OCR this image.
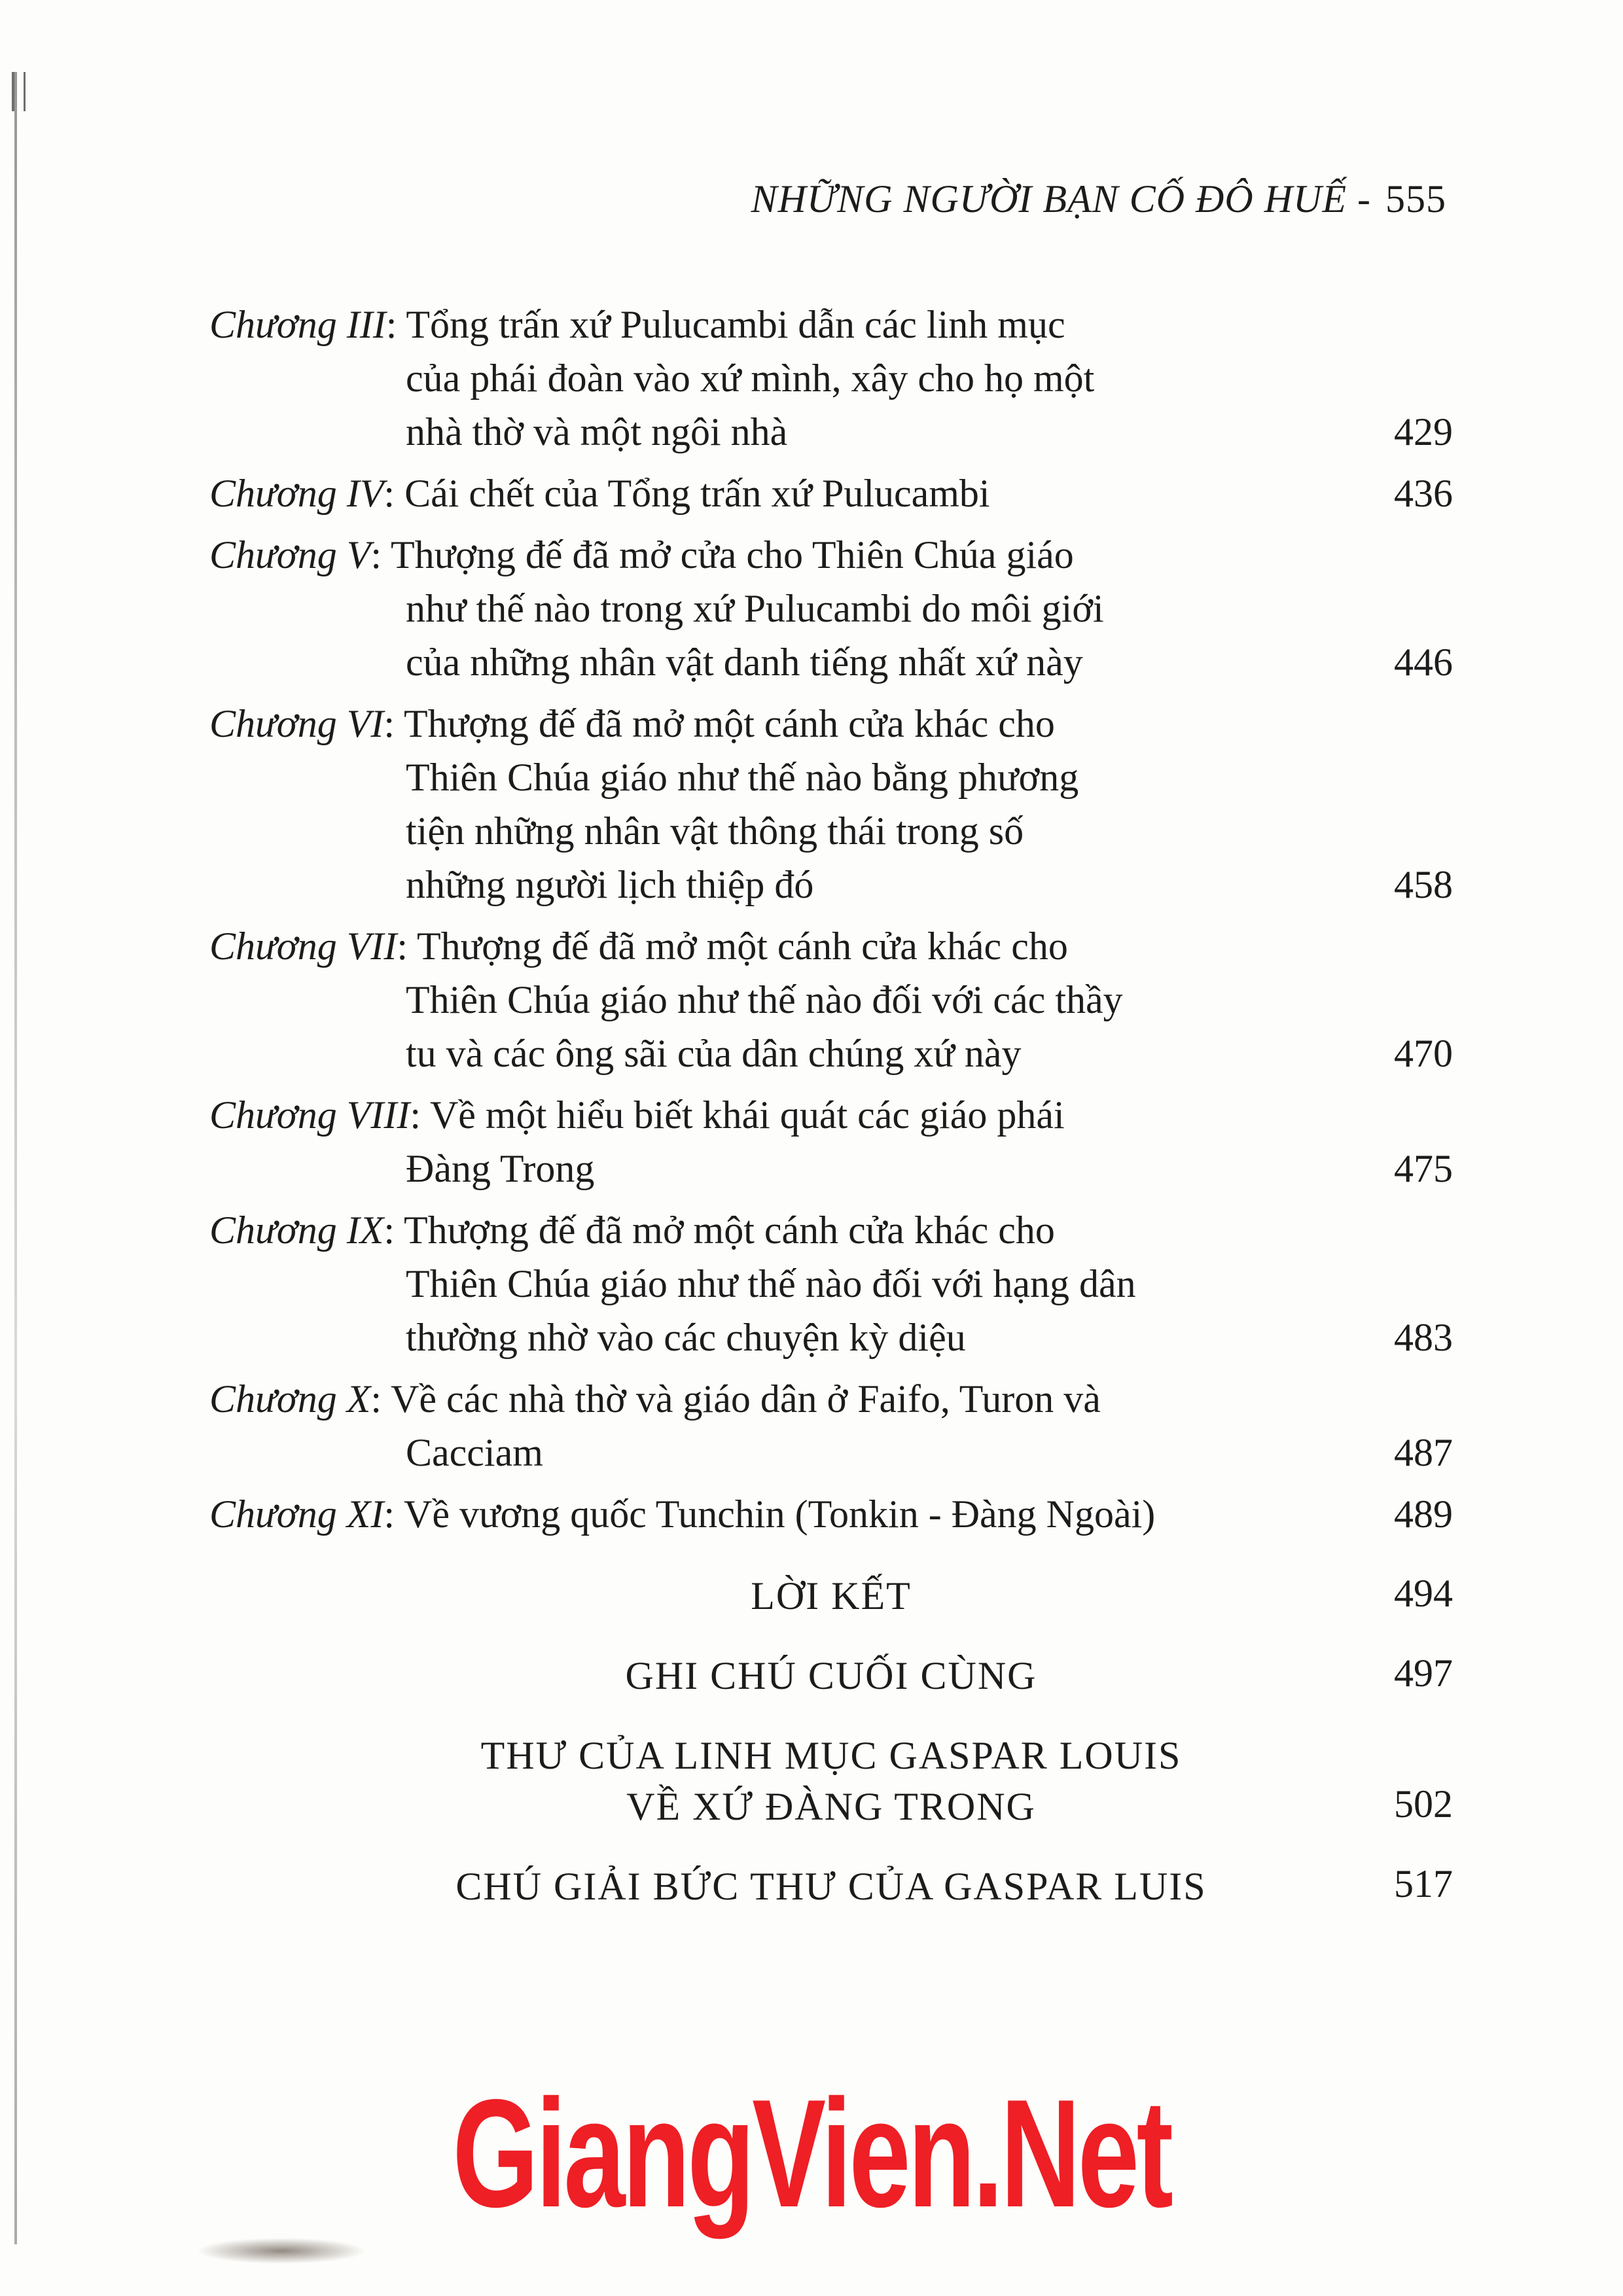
NHỮNG NGƯỜI BẠN CỐ ĐÔ HUẾ - 555
Chương III: Tổng trấn xứ Pulucambi dẫn các linh mục
của phái đoàn vào xứ mình, xây cho họ một
nhà thờ và một ngôi nhà	429
Chương IV: Cái chết của Tổng trấn xứ Pulucambi	436
Chương V: Thượng đế đã mở cửa cho Thiên Chúa giáo
như thế nào trong xứ Pulucambi do môi giới
của những nhân vật danh tiếng nhất xứ này	446
Chương VI: Thượng đế đã mở một cánh cửa khác cho
Thiên Chúa giáo như thế nào bằng phương
tiện những nhân vật thông thái trong số
những người lịch thiệp đó	458
Chương VII: Thượng đế đã mở một cánh cửa khác cho
Thiên Chúa giáo như thế nào đối với các thầy
tu và các ông sãi của dân chúng xứ này	470
Chương VIII: Về một hiểu biết khái quát các giáo phái
Đàng Trong	475
Chương IX: Thượng đế đã mở một cánh cửa khác cho
Thiên Chúa giáo như thế nào đối với hạng dân
thường nhờ vào các chuyện kỳ diệu	483
Chương X: Về các nhà thờ và giáo dân ở Faifo, Turon và
Cacciam	487
Chương XI: Về vương quốc Tunchin (Tonkin - Đàng Ngoài)	489
LỜI KẾT	494
GHI CHÚ CUỐI CÙNG	497
THƯ CỦA LINH MỤC GASPAR LOUIS
VỀ XỨ ĐÀNG TRONG	502
CHÚ GIẢI BỨC THƯ CỦA GASPAR LUIS	517
GiangVien.Net
